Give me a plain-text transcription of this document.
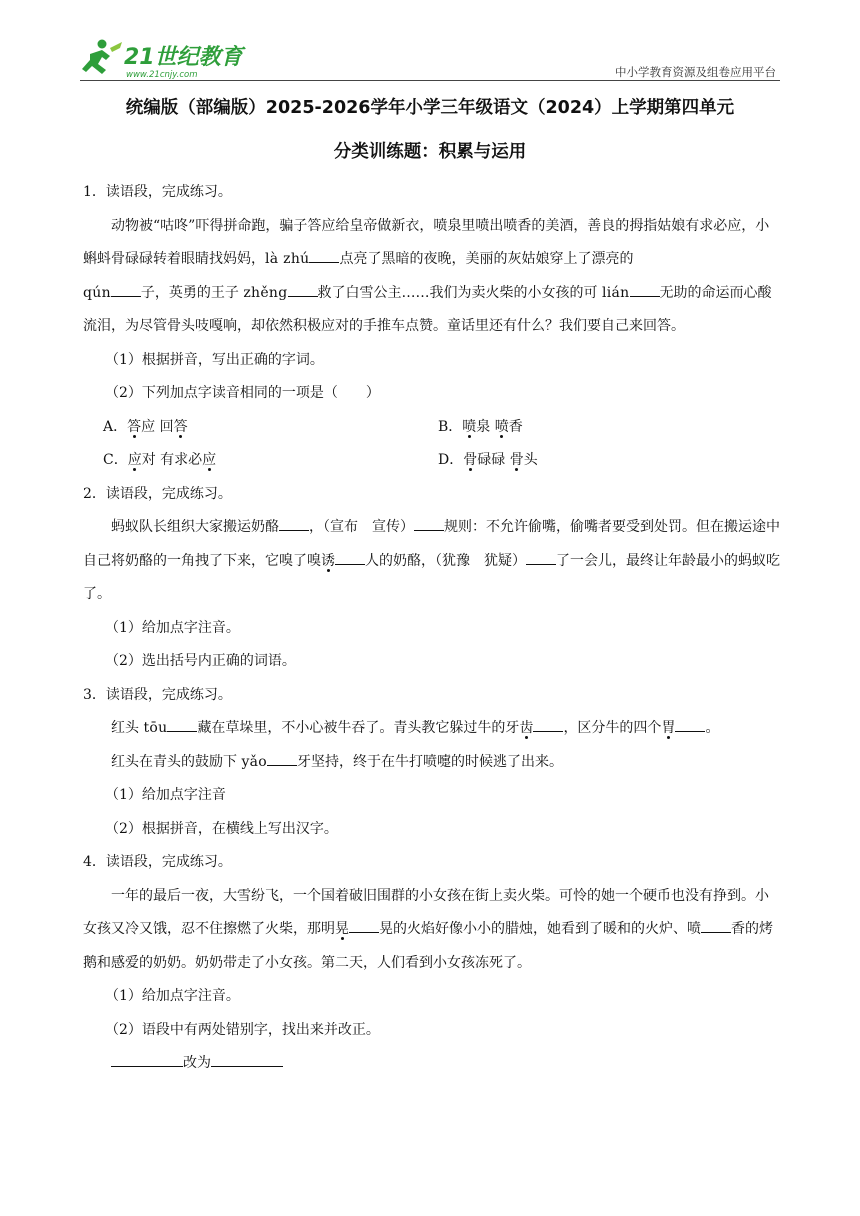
21世纪教育
www.21cnjy.com	中小学教育资源及组卷应用平台
统编版（部编版）2025-2026学年小学三年级语文（2024）上学期第四单元
分类训练题：积累与运用

1．读语段，完成练习。

动物被“咕咚”吓得拼命跑，骗子答应给皇帝做新衣，喷泉里喷出喷香的美酒，善良的拇指姑娘有求必应，小蝌蚪骨碌碌转着眼睛找妈妈，là zhú 点亮了黑暗的夜晚，美丽的灰姑娘穿上了漂亮的
qún 子，英勇的王子 zhěng 救了白雪公主……我们为卖火柴的小女孩的可 lián 无助的命运而心酸流泪，为尽管骨头吱嘎响，却依然积极应对的手推车点赞。童话里还有什么？我们要自己来回答。

（1）根据拼音，写出正确的字词。

（2）下列加点字读音相同的一项是（　　）

A．答应 回答	B．喷泉 喷香
C．应对 有求必应	D．骨碌碌 骨头

2．读语段，完成练习。

蚂蚁队长组织大家搬运奶酪 ，（宣布　宣传） 规则：不允许偷嘴，偷嘴者要受到处罚。但在搬运途中自己将奶酪的一角拽了下来，它嗅了嗅诱 人的奶酪，（犹豫　犹疑） 了一会儿，最终让年龄最小的蚂蚁吃了。

（1）给加点字注音。

（2）选出括号内正确的词语。

3．读语段，完成练习。

红头 tōu 藏在草垛里，不小心被牛吞了。青头教它躲过牛的牙齿 ，区分牛的四个胃 。

红头在青头的鼓励下 yǎo 牙坚持，终于在牛打喷嚏的时候逃了出来。

（1）给加点字注音

（2）根据拼音，在横线上写出汉字。

4．读语段，完成练习。

一年的最后一夜，大雪纷飞，一个国着破旧围群的小女孩在街上卖火柴。可怜的她一个硬币也没有挣到。小女孩又冷又饿，忍不住擦燃了火柴，那明晃 晃的火焰好像小小的腊烛，她看到了暖和的火炉、喷 香的烤鹅和感爱的奶奶。奶奶带走了小女孩。第二天，人们看到小女孩冻死了。

（1）给加点字注音。

（2）语段中有两处错别字，找出来并改正。

改为
